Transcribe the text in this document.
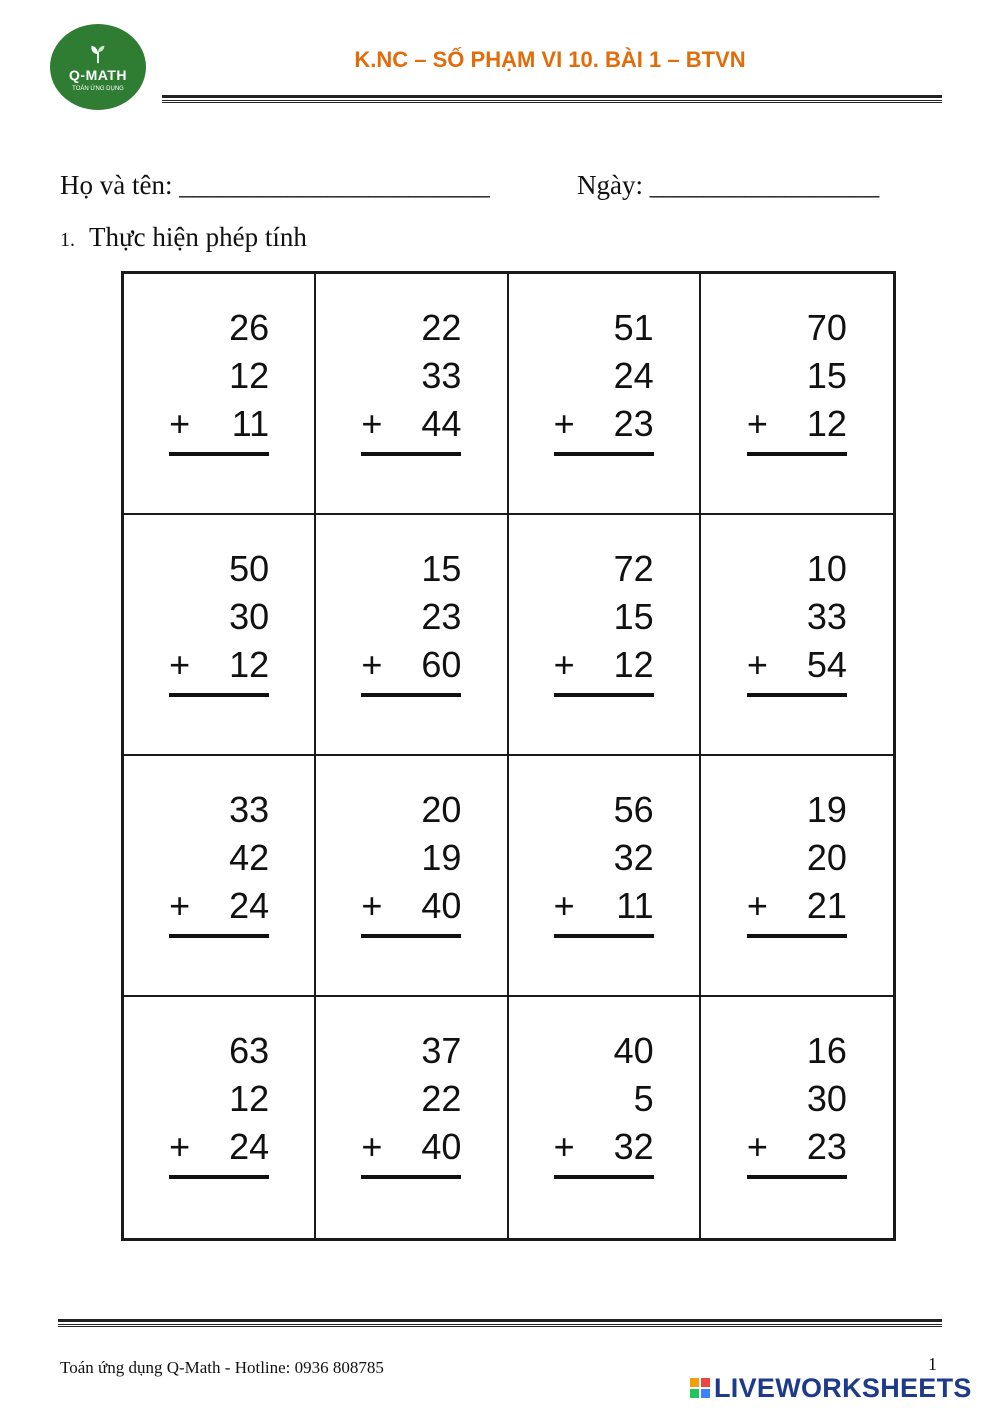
Q-MATH
TOÁN ỨNG DỤNG
K.NC – SỐ PHẠM VI 10. BÀI 1 – BTVN
Họ và tên: _______________________	Ngày: _________________
1. Thực hiện phép tính
26
12
+ 11
22
33
+ 44
51
24
+ 23
70
15
+ 12
50
30
+ 12
15
23
+ 60
72
15
+ 12
10
33
+ 54
33
42
+ 24
20
19
+ 40
56
32
+ 11
19
20
+ 21
63
12
+ 24
37
22
+ 40
40
5
+ 32
16
30
+ 23
Toán ứng dụng Q-Math - Hotline: 0936 808785	1
LIVEWORKSHEETS
